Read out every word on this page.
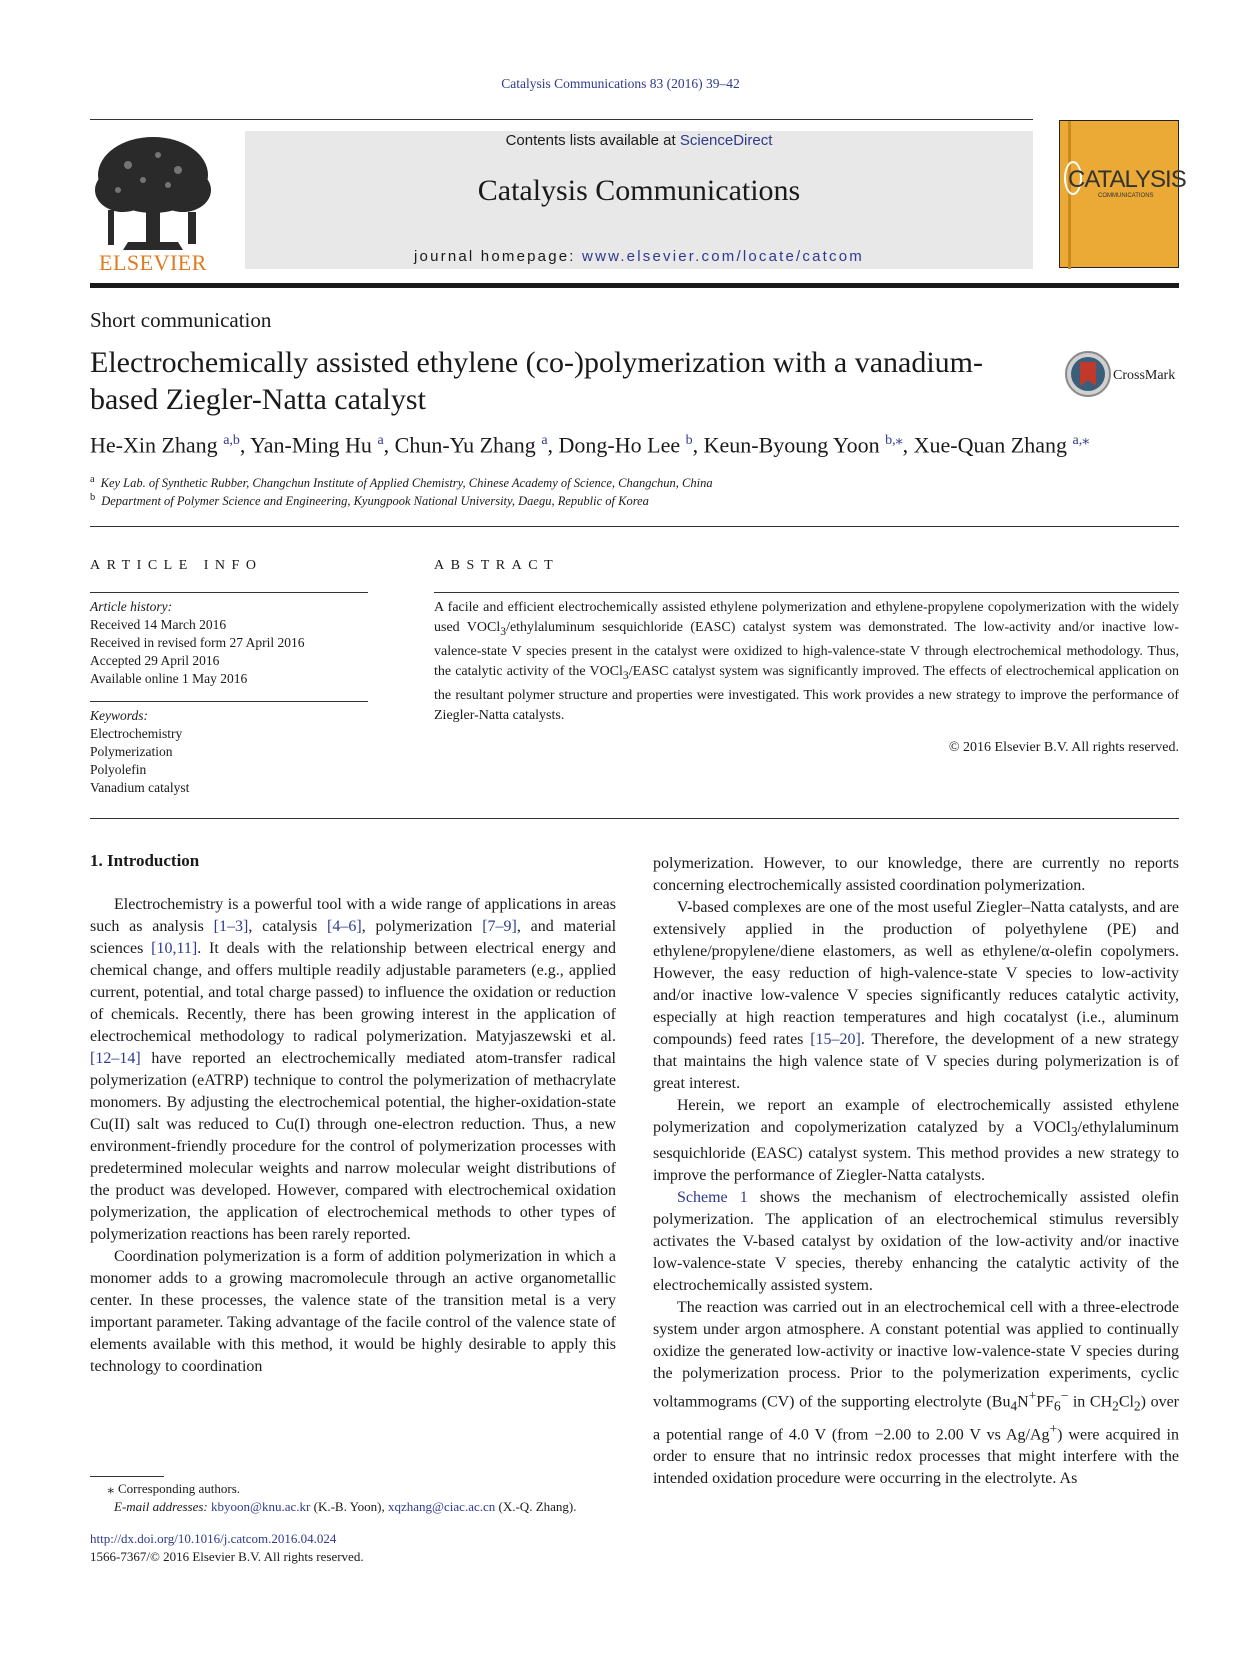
Catalysis Communications 83 (2016) 39–42
ELSEVIER
Contents lists available at ScienceDirect
Catalysis Communications
journal homepage: www.elsevier.com/locate/catcom
CATALYSIS
COMMUNICATIONS
Short communication
Electrochemically assisted ethylene (co-)polymerization with a vanadium-based Ziegler-Natta catalyst
CrossMark
He-Xin Zhang $^{a,b}$, Yan-Ming Hu $^a$, Chun-Yu Zhang $^a$, Dong-Ho Lee $^b$, Keun-Byoung Yoon $^{b,⁎}$, Xue-Quan Zhang $^{a,⁎}$
$^a$ Key Lab. of Synthetic Rubber, Changchun Institute of Applied Chemistry, Chinese Academy of Science, Changchun, China
$^b$ Department of Polymer Science and Engineering, Kyungpook National University, Daegu, Republic of Korea
ARTICLE INFO	ABSTRACT
Article history:
Received 14 March 2016
Received in revised form 27 April 2016
Accepted 29 April 2016
Available online 1 May 2016
Keywords:
Electrochemistry
Polymerization
Polyolefin
Vanadium catalyst
A facile and efficient electrochemically assisted ethylene polymerization and ethylene-propylene copolymerization with the widely used VOCl$_3$/ethylaluminum sesquichloride (EASC) catalyst system was demonstrated. The low-activity and/or inactive low-valence-state V species present in the catalyst were oxidized to high-valence-state V through electrochemical methodology. Thus, the catalytic activity of the VOCl$_3$/EASC catalyst system was significantly improved. The effects of electrochemical application on the resultant polymer structure and properties were investigated. This work provides a new strategy to improve the performance of Ziegler-Natta catalysts.
© 2016 Elsevier B.V. All rights reserved.
1. Introduction

Electrochemistry is a powerful tool with a wide range of applications in areas such as analysis [1–3], catalysis [4–6], polymerization [7–9], and material sciences [10,11]. It deals with the relationship between electrical energy and chemical change, and offers multiple readily adjustable parameters (e.g., applied current, potential, and total charge passed) to influence the oxidation or reduction of chemicals. Recently, there has been growing interest in the application of electrochemical methodology to radical polymerization. Matyjaszewski et al. [12–14] have reported an electrochemically mediated atom-transfer radical polymerization (eATRP) technique to control the polymerization of methacrylate monomers. By adjusting the electrochemical potential, the higher-oxidation-state Cu(II) salt was reduced to Cu(I) through one-electron reduction. Thus, a new environment-friendly procedure for the control of polymerization processes with predetermined molecular weights and narrow molecular weight distributions of the product was developed. However, compared with electrochemical oxidation polymerization, the application of electrochemical methods to other types of polymerization reactions has been rarely reported.

Coordination polymerization is a form of addition polymerization in which a monomer adds to a growing macromolecule through an active organometallic center. In these processes, the valence state of the transition metal is a very important parameter. Taking advantage of the facile control of the valence state of elements available with this method, it would be highly desirable to apply this technology to coordination

polymerization. However, to our knowledge, there are currently no reports concerning electrochemically assisted coordination polymerization.

V-based complexes are one of the most useful Ziegler–Natta catalysts, and are extensively applied in the production of polyethylene (PE) and ethylene/propylene/diene elastomers, as well as ethylene/α-olefin copolymers. However, the easy reduction of high-valence-state V species to low-activity and/or inactive low-valence V species significantly reduces catalytic activity, especially at high reaction temperatures and high cocatalyst (i.e., aluminum compounds) feed rates [15–20]. Therefore, the development of a new strategy that maintains the high valence state of V species during polymerization is of great interest.

Herein, we report an example of electrochemically assisted ethylene polymerization and copolymerization catalyzed by a VOCl$_3$/ethylaluminum sesquichloride (EASC) catalyst system. This method provides a new strategy to improve the performance of Ziegler-Natta catalysts.

Scheme 1 shows the mechanism of electrochemically assisted olefin polymerization. The application of an electrochemical stimulus reversibly activates the V-based catalyst by oxidation of the low-activity and/or inactive low-valence-state V species, thereby enhancing the catalytic activity of the electrochemically assisted system.

The reaction was carried out in an electrochemical cell with a three-electrode system under argon atmosphere. A constant potential was applied to continually oxidize the generated low-activity or inactive low-valence-state V species during the polymerization process. Prior to the polymerization experiments, cyclic voltammograms (CV) of the supporting electrolyte ($Bu_4N^+PF_6^-$ in $CH_2Cl_2$) over a potential range of 4.0 V (from −2.00 to 2.00 V vs Ag/Ag+) were acquired in order to ensure that no intrinsic redox processes that might interfere with the intended oxidation procedure were occurring in the electrolyte. As

⁎ Corresponding authors.
E-mail addresses: kbyoon@knu.ac.kr (K.-B. Yoon), xqzhang@ciac.ac.cn (X.-Q. Zhang).
http://dx.doi.org/10.1016/j.catcom.2016.04.024
1566-7367/© 2016 Elsevier B.V. All rights reserved.
